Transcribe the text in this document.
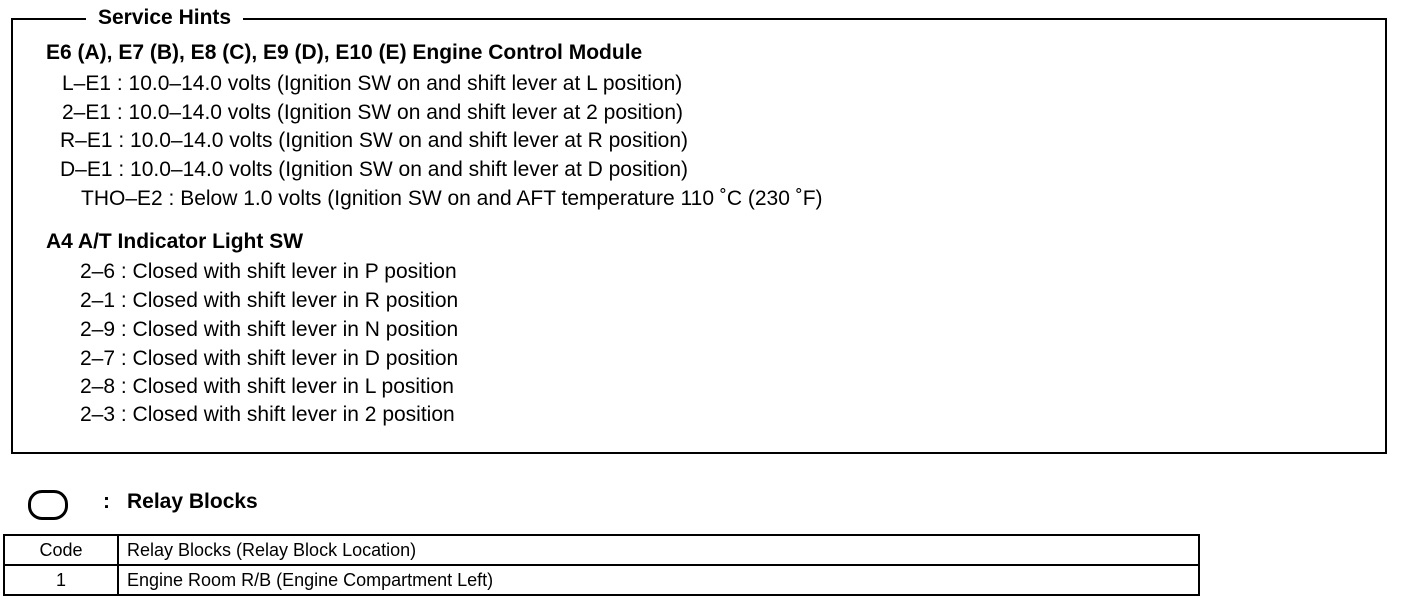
Service Hints
E6 (A), E7 (B), E8 (C), E9 (D), E10 (E) Engine Control Module
L–E1 : 10.0–14.0 volts (Ignition SW on and shift lever at L position)
2–E1 : 10.0–14.0 volts (Ignition SW on and shift lever at 2 position)
R–E1 : 10.0–14.0 volts (Ignition SW on and shift lever at R position)
D–E1 : 10.0–14.0 volts (Ignition SW on and shift lever at D position)
THO–E2 : Below 1.0 volts (Ignition SW on and AFT temperature 110 ˚C (230 ˚F)
A4 A/T Indicator Light SW
2–6 : Closed with shift lever in P position
2–1 : Closed with shift lever in R position
2–9 : Closed with shift lever in N position
2–7 : Closed with shift lever in D position
2–8 : Closed with shift lever in L position
2–3 : Closed with shift lever in 2 position
: Relay Blocks
Code	Relay Blocks (Relay Block Location)
1	Engine Room R/B (Engine Compartment Left)
